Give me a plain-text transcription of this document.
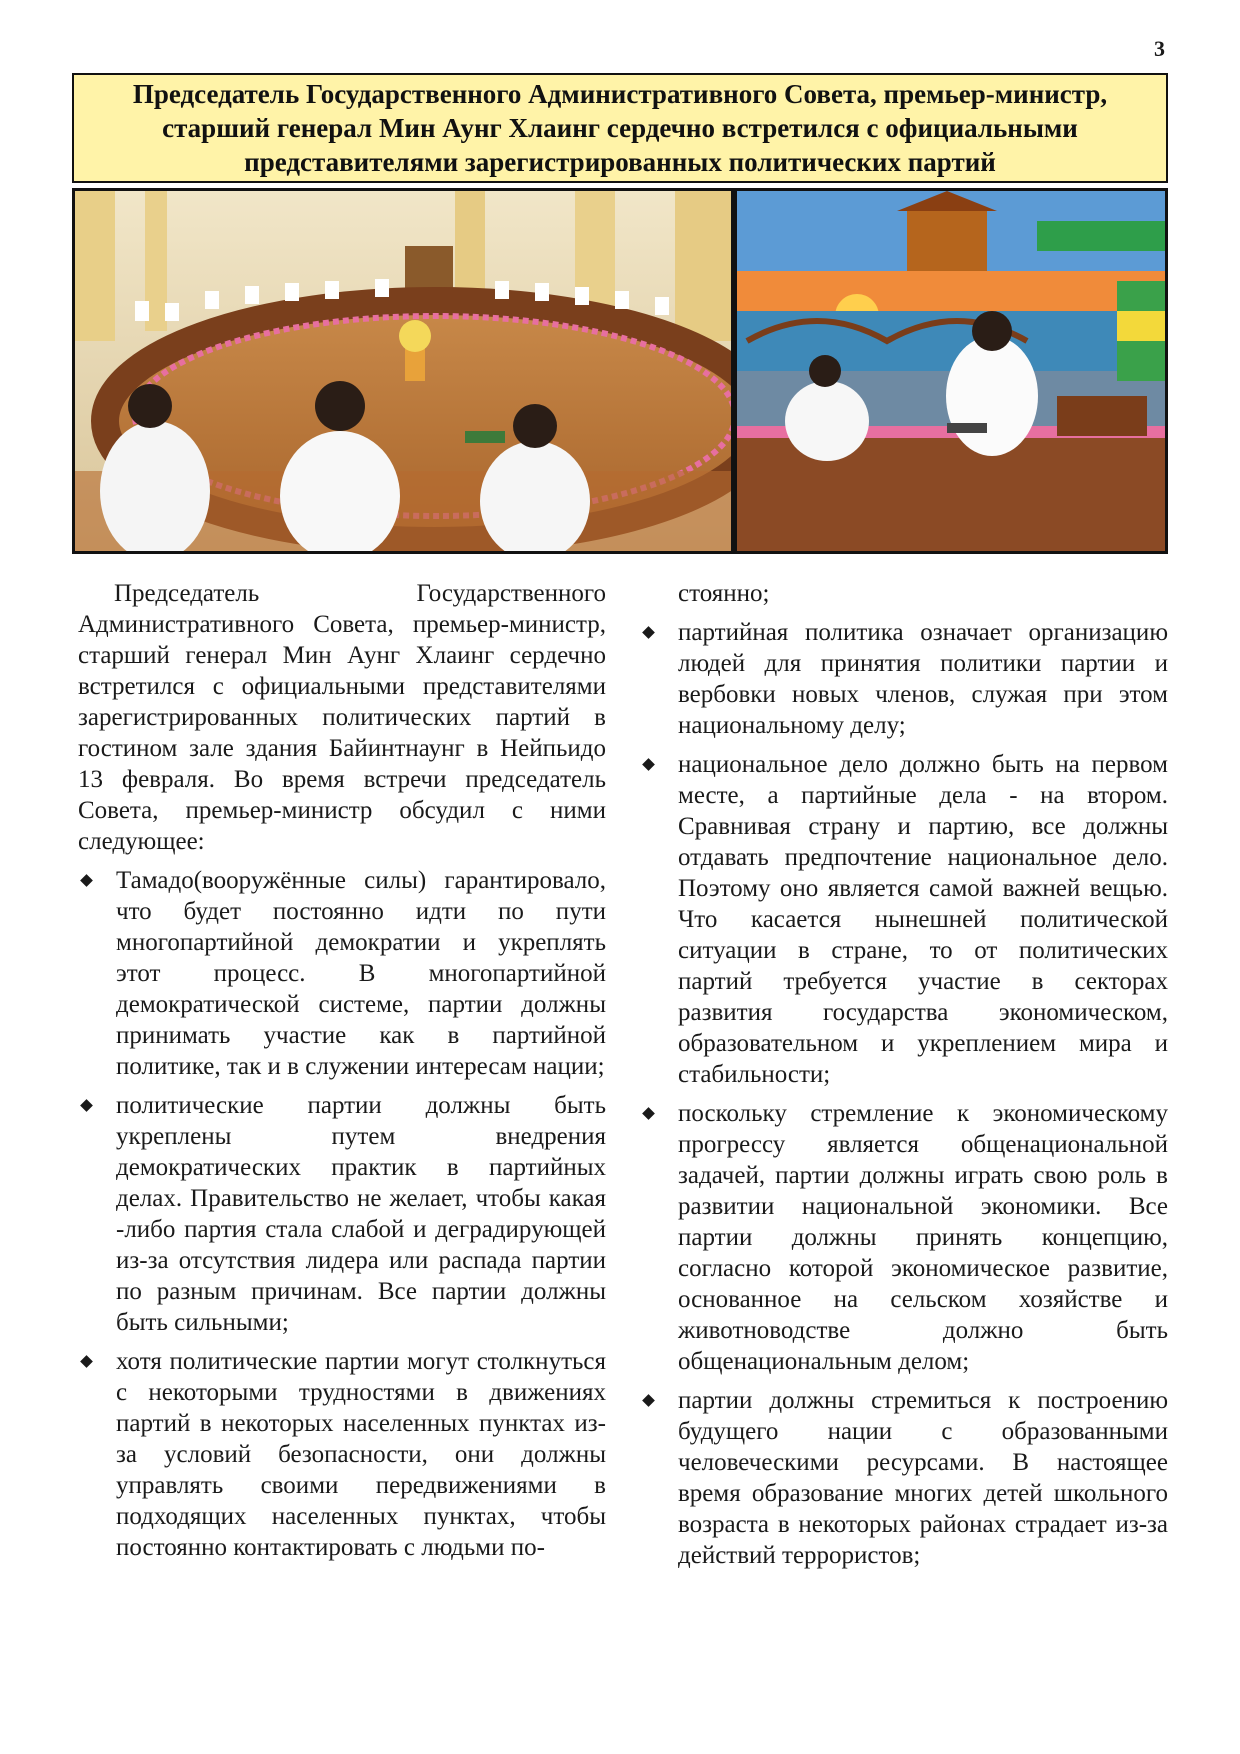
3
Председатель Государственного Административного Совета, премьер-министр, старший генерал Мин Аунг Хлаинг сердечно встретился с официальными представителями зарегистрированных политических партий

Председатель Государственного Административного Совета, премьер-министр, старший генерал Мин Аунг Хлаинг сердечно встретился с официальными представителями зарегистрированных политических партий в гостином зале здания Байинтнаунг в Нейпьидо 13 февраля. Во время встречи председатель Совета, премьер-министр обсудил с ними следующее:

Тамадо(вооружённые силы) гарантировало, что будет постоянно идти по пути многопартийной демократии и укреплять этот процесс. В многопартийной демократической системе, партии должны принимать участие как в партийной политике, так и в служении интересам нации;
политические партии должны быть укреплены путем внедрения демократических практик в партийных делах. Правительство не желает, чтобы какая -либо партия стала слабой и деградирующей из-за отсутствия лидера или распада партии по разным причинам. Все партии должны быть сильными;
хотя политические партии могут столкнуться с некоторыми трудностями в движениях партий в некоторых населенных пунктах из-за условий безопасности, они должны управлять своими передвижениями в подходящих населенных пунктах, чтобы постоянно контактировать с людьми по-

стоянно;

партийная политика означает организацию людей для принятия политики партии и вербовки новых членов, служая при этом национальному делу;
национальное дело должно быть на первом месте, а партийные дела - на втором. Сравнивая страну и партию, все должны отдавать предпочтение национальное дело. Поэтому оно является самой важней вещью. Что касается нынешней политической ситуации в стране, то от политических партий требуется участие в секторах развития государства экономическом, образовательном и укреплением мира и стабильности;
поскольку стремление к экономическому прогрессу является общенациональной задачей, партии должны играть свою роль в развитии национальной экономики. Все партии должны принять концепцию, согласно которой экономическое развитие, основанное на сельском хозяйстве и животноводстве должно быть общенациональным делом;
партии должны стремиться к построению будущего нации с образованными человеческими ресурсами. В настоящее время образование многих детей школьного возраста в некоторых районах страдает из-за действий террористов;
